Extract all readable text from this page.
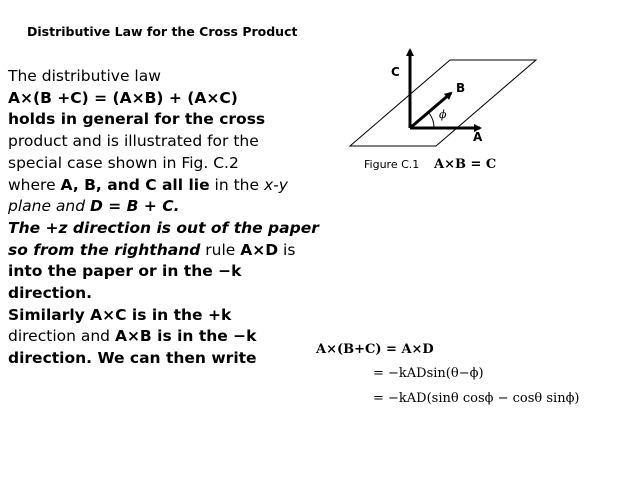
Distributive Law for the Cross Product
The distributive law
A×(B +C) = (A×B) + (A×C)
holds in general for the cross
product and is illustrated for the
special case shown in Fig. C.2
where A, B, and C all lie in the x-y
plane and D = B + C.
The +z direction is out of the paper
so from the righthand rule A×D is
into the paper or in the −k
direction.
Similarly A×C is in the +k
direction and A×B is in the −k
direction. We can then write
C
B
A
ϕ
Figure C.1 A×B = C
A×(B+C) = A×D
= −kADsin(θ−ϕ)
= −kAD(sinθ cosϕ − cosθ sinϕ)
